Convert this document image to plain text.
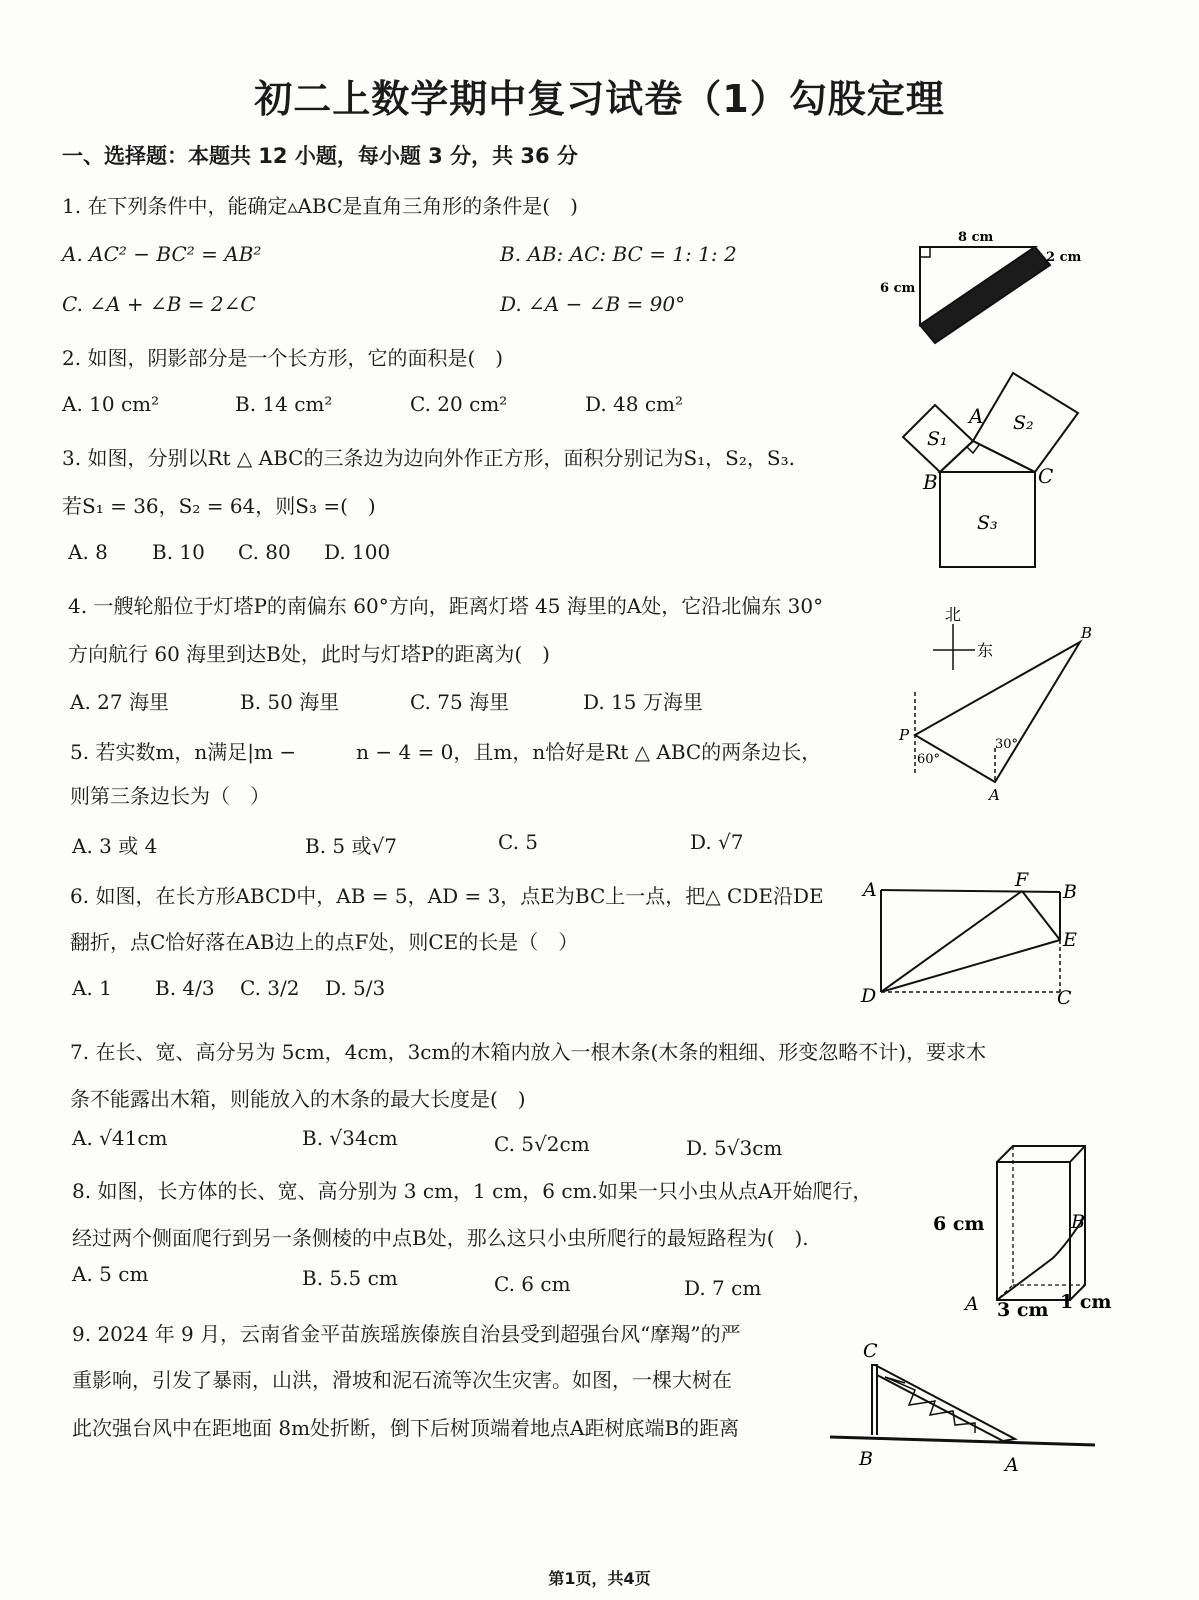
初二上数学期中复习试卷（1）勾股定理
一、选择题：本题共 12 小题，每小题 3 分，共 36 分
1. 在下列条件中，能确定▵ABC是直角三角形的条件是(　)
A. AC² − BC² = AB²	B. AB: AC: BC = 1: 1: 2
C. ∠A + ∠B = 2∠C	D. ∠A − ∠B = 90°
2. 如图，阴影部分是一个长方形，它的面积是(　)
A. 10 cm²	B. 14 cm²	C. 20 cm²	D. 48 cm²
3. 如图，分别以Rt △ ABC的三条边为边向外作正方形，面积分别记为S₁，S₂，S₃.
若S₁ = 36，S₂ = 64，则S₃ =(　)
A. 8 B. 10 C. 80 D. 100
4. 一艘轮船位于灯塔P的南偏东 60°方向，距离灯塔 45 海里的A处，它沿北偏东 30°
方向航行 60 海里到达B处，此时与灯塔P的距离为(　)
A. 27 海里	B. 50 海里	C. 75 海里	D. 15 万海里
5. 若实数m，n满足|m −　　　n − 4 = 0，且m，n恰好是Rt △ ABC的两条边长，
则第三条边长为（　）
A. 3 或 4	B. 5 或√7	C. 5	D. √7
6. 如图，在长方形ABCD中，AB = 5，AD = 3，点E为BC上一点，把△ CDE沿DE
翻折，点C恰好落在AB边上的点F处，则CE的长是（　）
A. 1 B. 4/3 C. 3/2 D. 5/3
7. 在长、宽、高分另为 5cm，4cm，3cm的木箱内放入一根木条(木条的粗细、形变忽略不计)，要求木
条不能露出木箱，则能放入的木条的最大长度是(　)
A. √41cm	B. √34cm	C. 5√2cm	D. 5√3cm
8. 如图，长方体的长、宽、高分别为 3 cm，1 cm，6 cm.如果一只小虫从点A开始爬行，
经过两个侧面爬行到另一条侧棱的中点B处，那么这只小虫所爬行的最短路程为(　).
A. 5 cm	B. 5.5 cm	C. 6 cm	D. 7 cm
9. 2024 年 9 月，云南省金平苗族瑶族傣族自治县受到超强台风“摩羯”的严
重影响，引发了暴雨，山洪，滑坡和泥石流等次生灾害。如图，一棵大树在
此次强台风中在距地面 8m处折断，倒下后树顶端着地点A距树底端B的距离
8 cm
6 cm
2 cm
A
B	C
S₁
S₂
S₃
北
东
P
A
B
60°
30°
A	F
B
E
D	C
6 cm
3 cm 1 cm
A
B
C
B	A
第1页，共4页
